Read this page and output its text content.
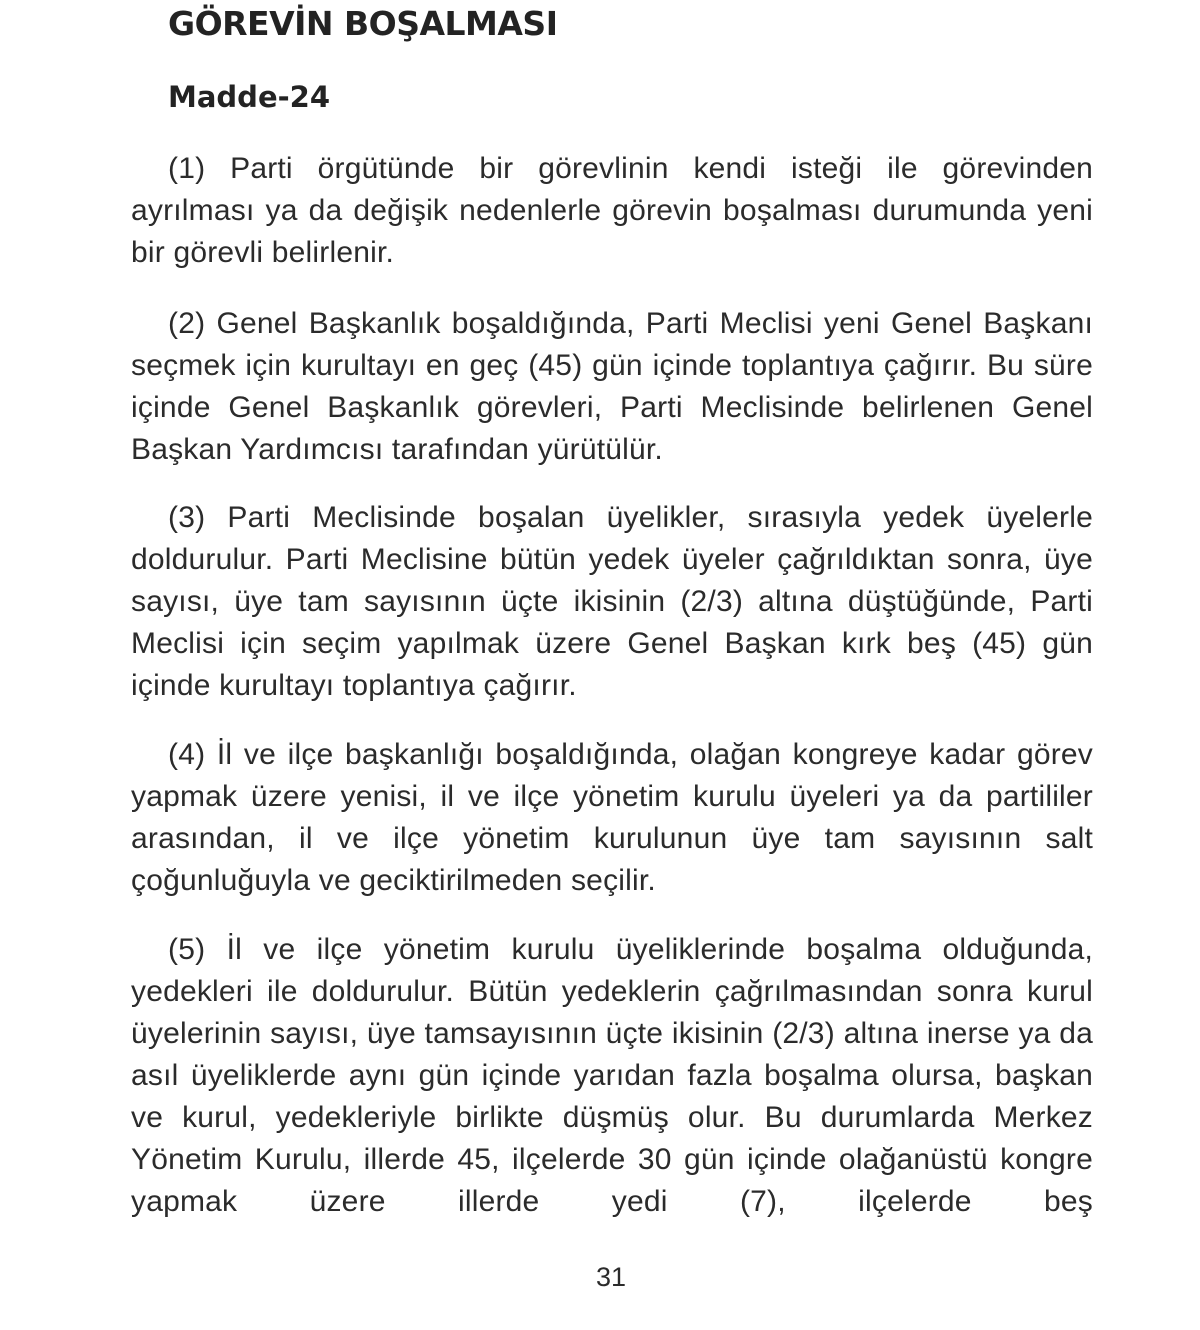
GÖREVİN BOŞALMASI
Madde-24

(1) Parti örgütünde bir görevlinin kendi isteği ile görevinden ayrılması ya da değişik nedenlerle görevin boşalması durumunda yeni bir görevli belirlenir.

(2) Genel Başkanlık boşaldığında, Parti Meclisi yeni Genel Başkanı seçmek için kurultayı en geç (45) gün içinde toplantıya çağırır. Bu süre içinde Genel Başkanlık görevleri, Parti Meclisinde belirlenen Genel Başkan Yardımcısı tarafından yürütülür.

(3) Parti Meclisinde boşalan üyelikler, sırasıyla yedek üyelerle doldurulur. Parti Meclisine bütün yedek üyeler çağrıldıktan sonra, üye sayısı, üye tam sayısının üçte ikisinin (2/3) altına düştüğünde, Parti Meclisi için seçim yapılmak üzere Genel Başkan kırk beş (45) gün içinde kurultayı toplantıya çağırır.

(4) İl ve ilçe başkanlığı boşaldığında, olağan kongreye kadar görev yapmak üzere yenisi, il ve ilçe yönetim kurulu üyeleri ya da partililer arasından, il ve ilçe yönetim kurulunun üye tam sayısının salt çoğunluğuyla ve geciktirilmeden seçilir.

(5) İl ve ilçe yönetim kurulu üyeliklerinde boşalma olduğunda, yedekleri ile doldurulur. Bütün yedeklerin çağrılmasından sonra kurul üyelerinin sayısı, üye tamsayısının üçte ikisinin (2/3) altına inerse ya da asıl üyeliklerde aynı gün içinde yarıdan fazla boşalma olursa, başkan ve kurul, yedekleriyle birlikte düşmüş olur. Bu durumlarda Merkez Yönetim Kurulu, illerde 45, ilçelerde 30 gün içinde olağanüstü kongre yapmak üzere illerde yedi (7), ilçelerde beş

31
